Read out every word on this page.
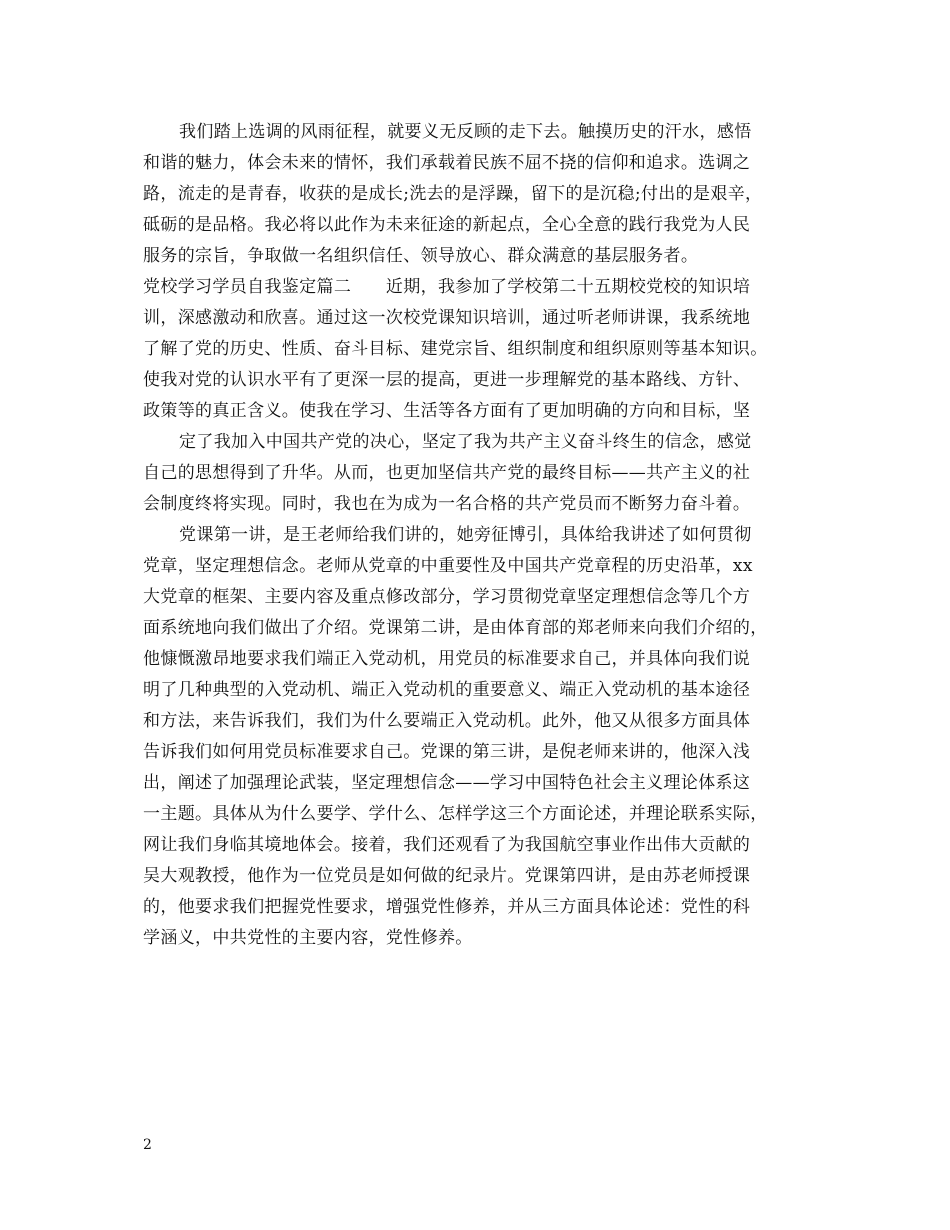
我们踏上选调的风雨征程，就要义无反顾的走下去。触摸历史的汗水，感悟
和谐的魅力，体会未来的情怀，我们承载着民族不屈不挠的信仰和追求。选调之
路，流走的是青春，收获的是成长;洗去的是浮躁，留下的是沉稳;付出的是艰辛，
砥砺的是品格。我必将以此作为未来征途的新起点，全心全意的践行我党为人民
服务的宗旨，争取做一名组织信任、领导放心、群众满意的基层服务者。
党校学习学员自我鉴定篇二　　近期，我参加了学校第二十五期校党校的知识培
训，深感激动和欣喜。通过这一次校党课知识培训，通过听老师讲课，我系统地
了解了党的历史、性质、奋斗目标、建党宗旨、组织制度和组织原则等基本知识。
使我对党的认识水平有了更深一层的提高，更进一步理解党的基本路线、方针、
政策等的真正含义。使我在学习、生活等各方面有了更加明确的方向和目标，坚
定了我加入中国共产党的决心，坚定了我为共产主义奋斗终生的信念，感觉
自己的思想得到了升华。从而，也更加坚信共产党的最终目标——共产主义的社
会制度终将实现。同时，我也在为成为一名合格的共产党员而不断努力奋斗着。
党课第一讲，是王老师给我们讲的，她旁征博引，具体给我讲述了如何贯彻
党章，坚定理想信念。老师从党章的中重要性及中国共产党章程的历史沿革，xx
大党章的框架、主要内容及重点修改部分，学习贯彻党章坚定理想信念等几个方
面系统地向我们做出了介绍。党课第二讲，是由体育部的郑老师来向我们介绍的，
他慷慨激昂地要求我们端正入党动机，用党员的标准要求自己，并具体向我们说
明了几种典型的入党动机、端正入党动机的重要意义、端正入党动机的基本途径
和方法，来告诉我们，我们为什么要端正入党动机。此外，他又从很多方面具体
告诉我们如何用党员标准要求自己。党课的第三讲，是倪老师来讲的，他深入浅
出，阐述了加强理论武装，坚定理想信念——学习中国特色社会主义理论体系这
一主题。具体从为什么要学、学什么、怎样学这三个方面论述，并理论联系实际，
网让我们身临其境地体会。接着，我们还观看了为我国航空事业作出伟大贡献的
吴大观教授，他作为一位党员是如何做的纪录片。党课第四讲，是由苏老师授课
的，他要求我们把握党性要求，增强党性修养，并从三方面具体论述：党性的科
学涵义，中共党性的主要内容，党性修养。
2
